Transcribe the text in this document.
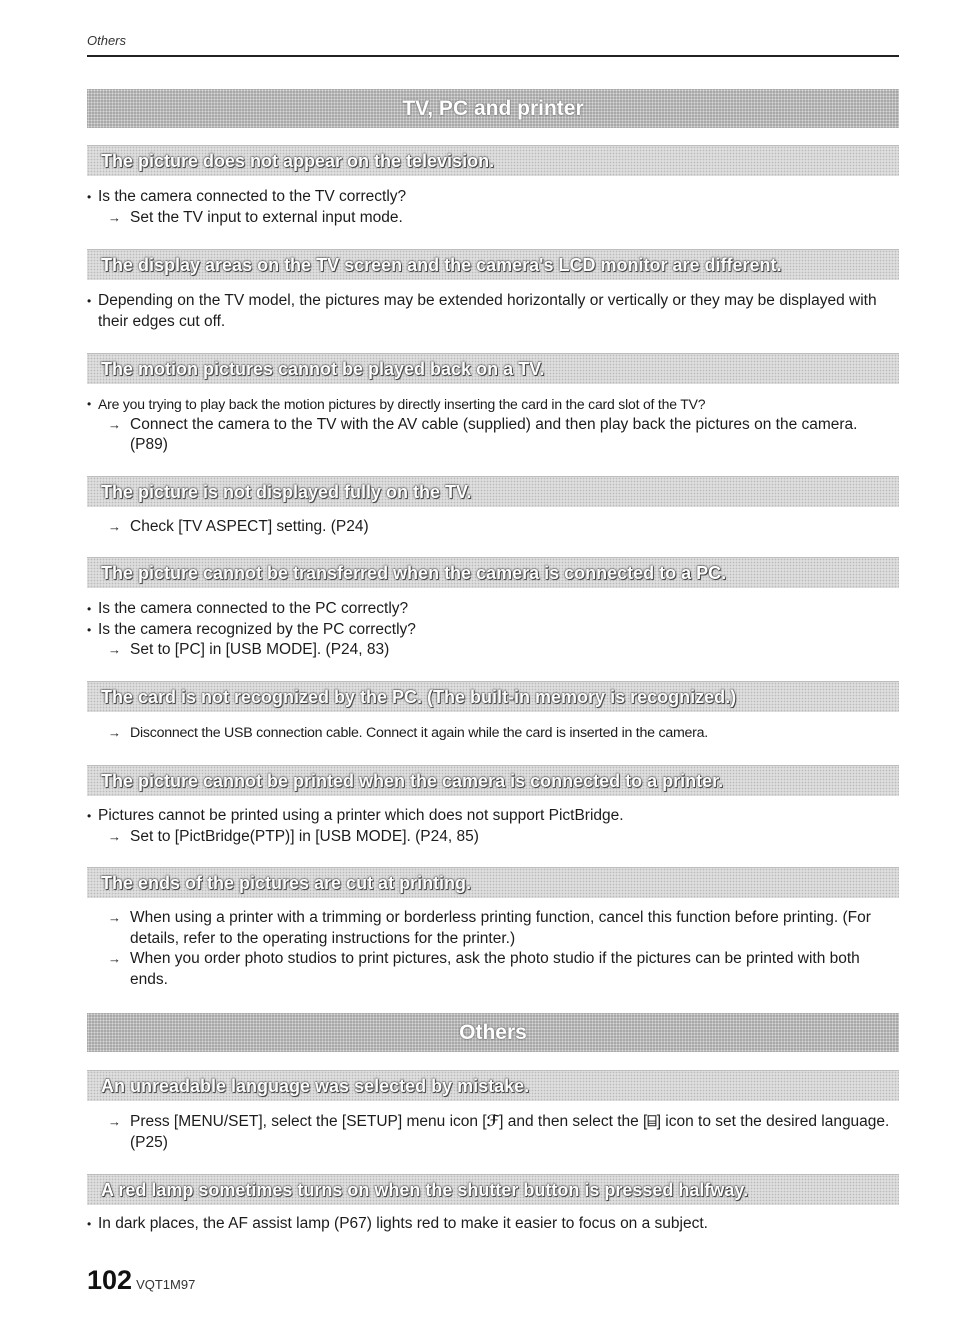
Others
TV, PC and printer
The picture does not appear on the television.
• Is the camera connected to the TV correctly?
→ Set the TV input to external input mode.
The display areas on the TV screen and the camera's LCD monitor are different.
• Depending on the TV model, the pictures may be extended horizontally or vertically or they may be displayed with their edges cut off.
The motion pictures cannot be played back on a TV.
• Are you trying to play back the motion pictures by directly inserting the card in the card slot of the TV?
→ Connect the camera to the TV with the AV cable (supplied) and then play back the pictures on the camera. (P89)
The picture is not displayed fully on the TV.
→ Check [TV ASPECT] setting. (P24)
The picture cannot be transferred when the camera is connected to a PC.
• Is the camera connected to the PC correctly?
• Is the camera recognized by the PC correctly?
→ Set to [PC] in [USB MODE]. (P24, 83)
The card is not recognized by the PC. (The built-in memory is recognized.)
→ Disconnect the USB connection cable. Connect it again while the card is inserted in the camera.
The picture cannot be printed when the camera is connected to a printer.
• Pictures cannot be printed using a printer which does not support PictBridge.
→ Set to [PictBridge(PTP)] in [USB MODE]. (P24, 85)
The ends of the pictures are cut at printing.
→ When using a printer with a trimming or borderless printing function, cancel this function before printing. (For details, refer to the operating instructions for the printer.)
→ When you order photo studios to print pictures, ask the photo studio if the pictures can be printed with both ends.
Others
An unreadable language was selected by mistake.
→ Press [MENU/SET], select the [SETUP] menu icon [ℱ] and then select the [⌸] icon to set the desired language. (P25)
A red lamp sometimes turns on when the shutter button is pressed halfway.
• In dark places, the AF assist lamp (P67) lights red to make it easier to focus on a subject.
102 VQT1M97
